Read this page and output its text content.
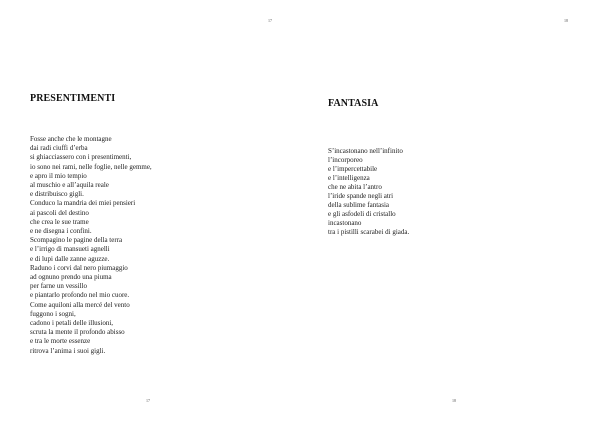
17
PRESENTIMENTI
Fosse anche che le montagne
dai radi ciuffi d’erba
si ghiacciassero con i presentimenti,
io sono nei rami, nelle foglie, nelle gemme,
e apro il mio tempio
al muschio e all’aquila reale
e distribuisco gigli.
Conduco la mandria dei miei pensieri
ai pascoli del destino
che crea le sue trame
e ne disegna i confini.
Scompagino le pagine della terra
e l’irrigo di mansueti agnelli
e di lupi dalle zanne aguzze.
Raduno i corvi dal nero piumaggio
ad ognuno prendo una piuma
per farne un vessillo
e piantarlo profondo nel mio cuore.
Come aquiloni alla mercé del vento
fuggono i sogni,
cadono i petali delle illusioni,
scruta la mente il profondo abisso
e tra le morte essenze
ritrova l’anima i suoi gigli.
17
18
FANTASIA
S’incastonano nell’infinito
l’incorporeo
e l’impercettabile
e l’intelligenza
che ne abita l’antro
l’iride spande negli atri
della sublime fantasia
e gli asfodeli di cristallo
incastonano
tra i pistilli scarabei di giada.
18
